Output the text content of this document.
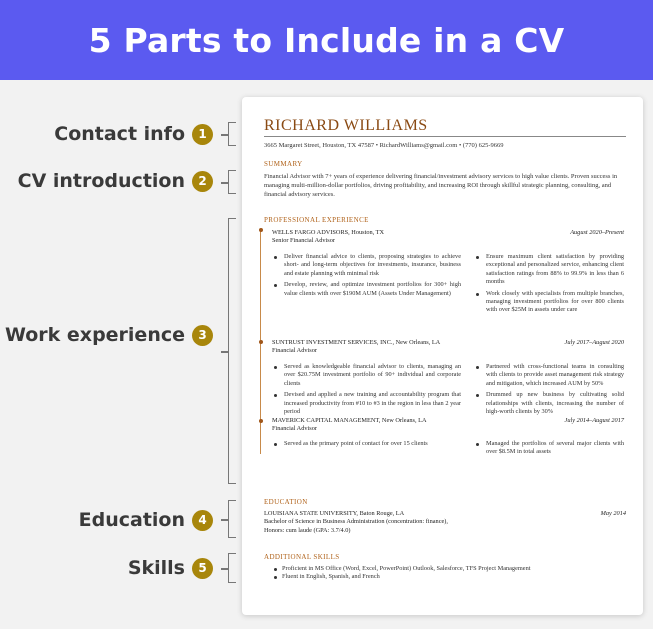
5 Parts to Include in a CV
Contact info	1
CV introduction	2
Work experience	3
Education	4
Skills	5
RICHARD WILLIAMS
3665 Margaret Street, Houston, TX 47587 • RichardWilliams@gmail.com • (770) 625-9669
SUMMARY
Financial Advisor with 7+ years of experience delivering financial/investment advisory services to high value clients. Proven success in managing multi-million-dollar portfolios, driving profitability, and increasing ROI through skillful strategic planning, consulting, and financial advisory services.
PROFESSIONAL EXPERIENCE
WELLS FARGO ADVISORS, Houston, TX	August 2020–Present
Senior Financial Advisor
Deliver financial advice to clients, proposing strategies to achieve short- and long-term objectives for investments, insurance, business and estate planning with minimal risk
Develop, review, and optimize investment portfolios for 300+ high value clients with over $190M AUM (Assets Under Management)
Ensure maximum client satisfaction by providing exceptional and personalized service, enhancing client satisfaction ratings from 88% to 99.9% in less than 6 months
Work closely with specialists from multiple branches, managing investment portfolios for over 800 clients with over $25M in assets under care
SUNTRUST INVESTMENT SERVICES, INC., New Orleans, LA	July 2017–August 2020
Financial Advisor
Served as knowledgeable financial advisor to clients, managing an over $20.75M investment portfolio of 90+ individual and corporate clients
Devised and applied a new training and accountability program that increased productivity from #10 to #3 in the region in less than 2 year period
Partnered with cross-functional teams in consulting with clients to provide asset management risk strategy and mitigation, which increased AUM by 50%
Drummed up new business by cultivating solid relationships with clients, increasing the number of high-worth clients by 30%
MAVERICK CAPITAL MANAGEMENT, New Orleans, LA	July 2014–August 2017
Financial Advisor
Served as the primary point of contact for over 15 clients	Managed the portfolios of several major clients with over $8.5M in total assets
EDUCATION
LOUISIANA STATE UNIVERSITY, Baton Rouge, LA	May 2014
Bachelor of Science in Business Administration (concentration: finance),
Honors: cum laude (GPA: 3.7/4.0)
ADDITIONAL SKILLS
Proficient in MS Office (Word, Excel, PowerPoint) Outlook, Salesforce, TFS Project Management
Fluent in English, Spanish, and French
